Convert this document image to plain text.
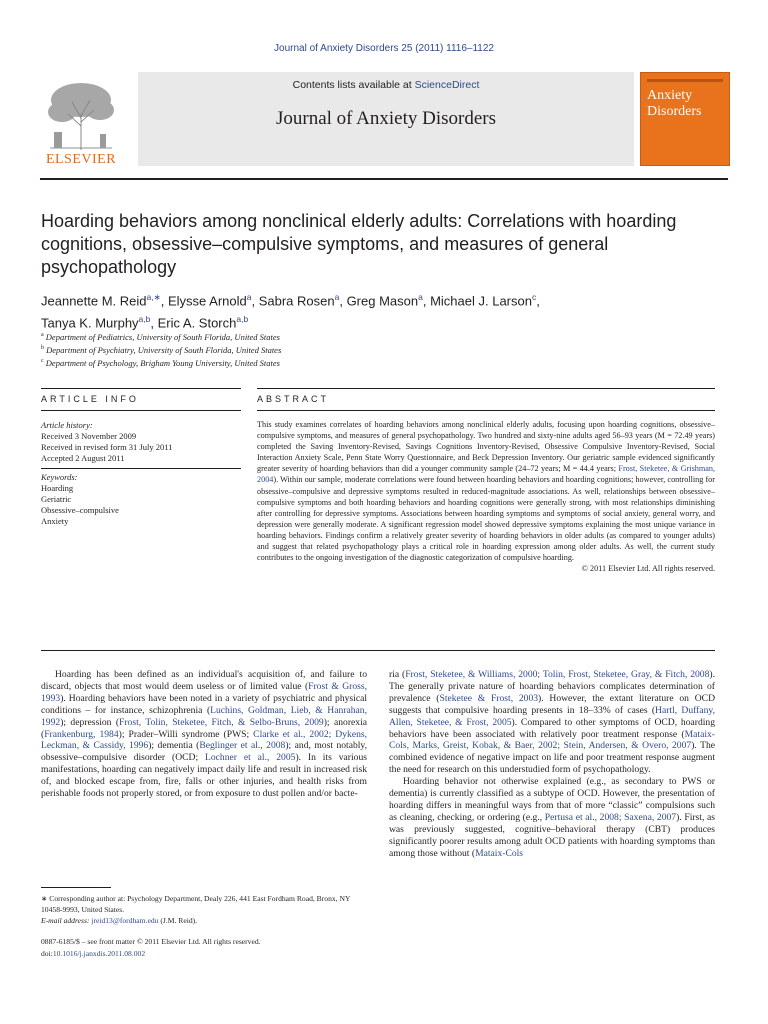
Journal of Anxiety Disorders 25 (2011) 1116–1122
ELSEVIER
Contents lists available at ScienceDirect
Journal of Anxiety Disorders
Anxiety
Disorders
Hoarding behaviors among nonclinical elderly adults: Correlations with hoarding cognitions, obsessive–compulsive symptoms, and measures of general psychopathology
Jeannette M. Reid$^{a,∗}$, Elysse Arnold$^a$, Sabra Rosen$^a$, Greg Mason$^a$, Michael J. Larson$^c$,
Tanya K. Murphy$^{a,b}$, Eric A. Storch$^{a,b}$
$^a$ Department of Pediatrics, University of South Florida, United States
$^b$ Department of Psychiatry, University of South Florida, United States
$^c$ Department of Psychology, Brigham Young University, United States
ARTICLE INFO	ABSTRACT
Article history:
Received 3 November 2009
Received in revised form 31 July 2011
Accepted 2 August 2011
Keywords:
Hoarding
Geriatric
Obsessive–compulsive
Anxiety
This study examines correlates of hoarding behaviors among nonclinical elderly adults, focusing upon hoarding cognitions, obsessive–compulsive symptoms, and measures of general psychopathology. Two hundred and sixty-nine adults aged 56–93 years (M = 72.49 years) completed the Saving Inventory-Revised, Savings Cognitions Inventory-Revised, Obsessive Compulsive Inventory-Revised, Social Interaction Anxiety Scale, Penn State Worry Questionnaire, and Beck Depression Inventory. Our geriatric sample evidenced significantly greater severity of hoarding behaviors than did a younger community sample (24–72 years; M = 44.4 years; Frost, Steketee, & Grishman, 2004). Within our sample, moderate correlations were found between hoarding behaviors and hoarding cognitions; however, controlling for obsessive–compulsive and depressive symptoms resulted in reduced-magnitude associations. As well, relationships between obsessive–compulsive symptoms and both hoarding behaviors and hoarding cognitions were generally strong, with most relationships diminishing after controlling for depressive symptoms. Associations between hoarding symptoms and symptoms of social anxiety, general worry, and depression were generally moderate. A significant regression model showed depressive symptoms explaining the most unique variance in hoarding behaviors. Findings confirm a relatively greater severity of hoarding behaviors in older adults (as compared to younger adults) and suggest that related psychopathology plays a critical role in hoarding expression among older adults. As well, the current study contributes to the ongoing investigation of the diagnostic categorization of compulsive hoarding.
© 2011 Elsevier Ltd. All rights reserved.

Hoarding has been defined as an individual's acquisition of, and failure to discard, objects that most would deem useless or of limited value (Frost & Gross, 1993). Hoarding behaviors have been noted in a variety of psychiatric and physical conditions – for instance, schizophrenia (Luchins, Goldman, Lieb, & Hanrahan, 1992); depression (Frost, Tolin, Steketee, Fitch, & Selbo-Bruns, 2009); anorexia (Frankenburg, 1984); Prader–Willi syndrome (PWS; Clarke et al., 2002; Dykens, Leckman, & Cassidy, 1996); dementia (Beglinger et al., 2008); and, most notably, obsessive–compulsive disorder (OCD; Lochner et al., 2005). In its various manifestations, hoarding can negatively impact daily life and result in increased risk of, and blocked escape from, fire, falls or other injuries, and health risks from perishable foods not properly stored, or from exposure to dust pollen and/or bacte-

ria (Frost, Steketee, & Williams, 2000; Tolin, Frost, Steketee, Gray, & Fitch, 2008). The generally private nature of hoarding behaviors complicates determination of prevalence (Steketee & Frost, 2003). However, the extant literature on OCD suggests that compulsive hoarding presents in 18–33% of cases (Hartl, Duffany, Allen, Steketee, & Frost, 2005). Compared to other symptoms of OCD, hoarding behaviors have been associated with relatively poor treatment response (Mataix-Cols, Marks, Greist, Kobak, & Baer, 2002; Stein, Andersen, & Overo, 2007). The combined evidence of negative impact on life and poor treatment response augment the need for research on this understudied form of psychopathology.

Hoarding behavior not otherwise explained (e.g., as secondary to PWS or dementia) is currently classified as a subtype of OCD. However, the presentation of hoarding differs in meaningful ways from that of more “classic” compulsions such as cleaning, checking, or ordering (e.g., Pertusa et al., 2008; Saxena, 2007). First, as was previously suggested, cognitive–behavioral therapy (CBT) produces significantly poorer results among adult OCD patients with hoarding symptoms than among those without (Mataix-Cols

∗ Corresponding author at: Psychology Department, Dealy 226, 441 East Fordham Road, Bronx, NY 10458-9993, United States.
E-mail address: jreid13@fordham.edu (J.M. Reid).
0887-6185/$ – see front matter © 2011 Elsevier Ltd. All rights reserved.
doi:10.1016/j.janxdis.2011.08.002
